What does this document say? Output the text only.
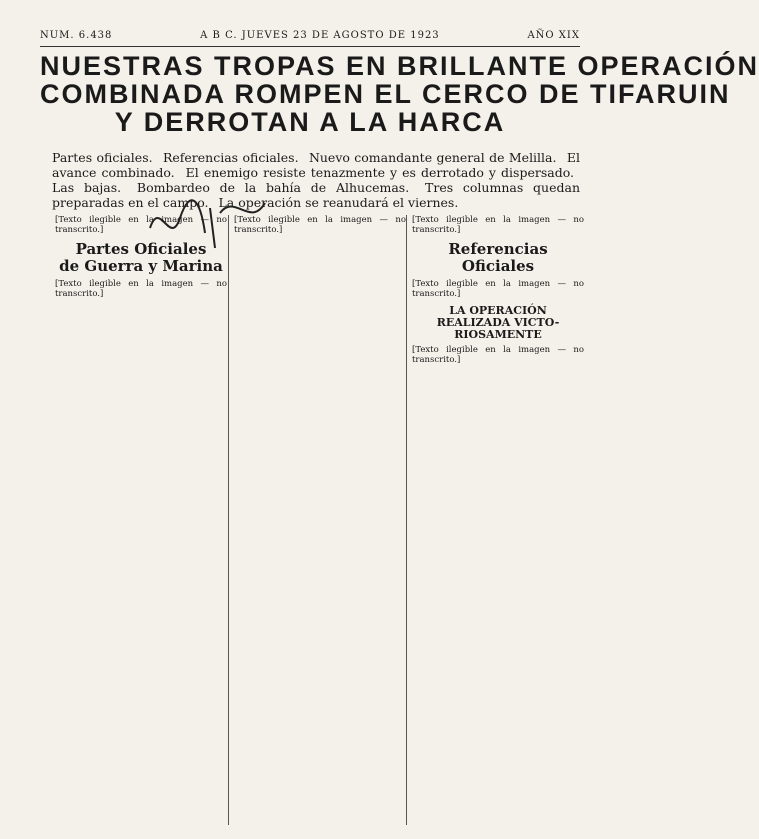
NUM. 6.438	A B C. JUEVES 23 DE AGOSTO DE 1923	AÑO XIX
NUESTRAS TROPAS EN BRILLANTE OPERACIÓN
COMBINADA ROMPEN EL CERCO DE TIFARUIN
Y DERROTAN A LA HARCA
Partes oficiales. Referencias oficiales. Nuevo comandante general de Melilla. El avance combinado. El enemigo resiste tenazmente y es derrotado y dispersado. Las bajas. Bombardeo de la bahía de Alhucemas. Tres columnas quedan preparadas en el campo. La operación se reanudará el viernes.

[Texto ilegible en la imagen — no transcrito.]

Partes Oficiales
de Guerra y Marina

[Texto ilegible en la imagen — no transcrito.]

[Texto ilegible en la imagen — no transcrito.]

[Texto ilegible en la imagen — no transcrito.]

Referencias Oficiales

[Texto ilegible en la imagen — no transcrito.]

LA OPERACIÓN REALIZADA VICTO-
RIOSAMENTE

[Texto ilegible en la imagen — no transcrito.]
